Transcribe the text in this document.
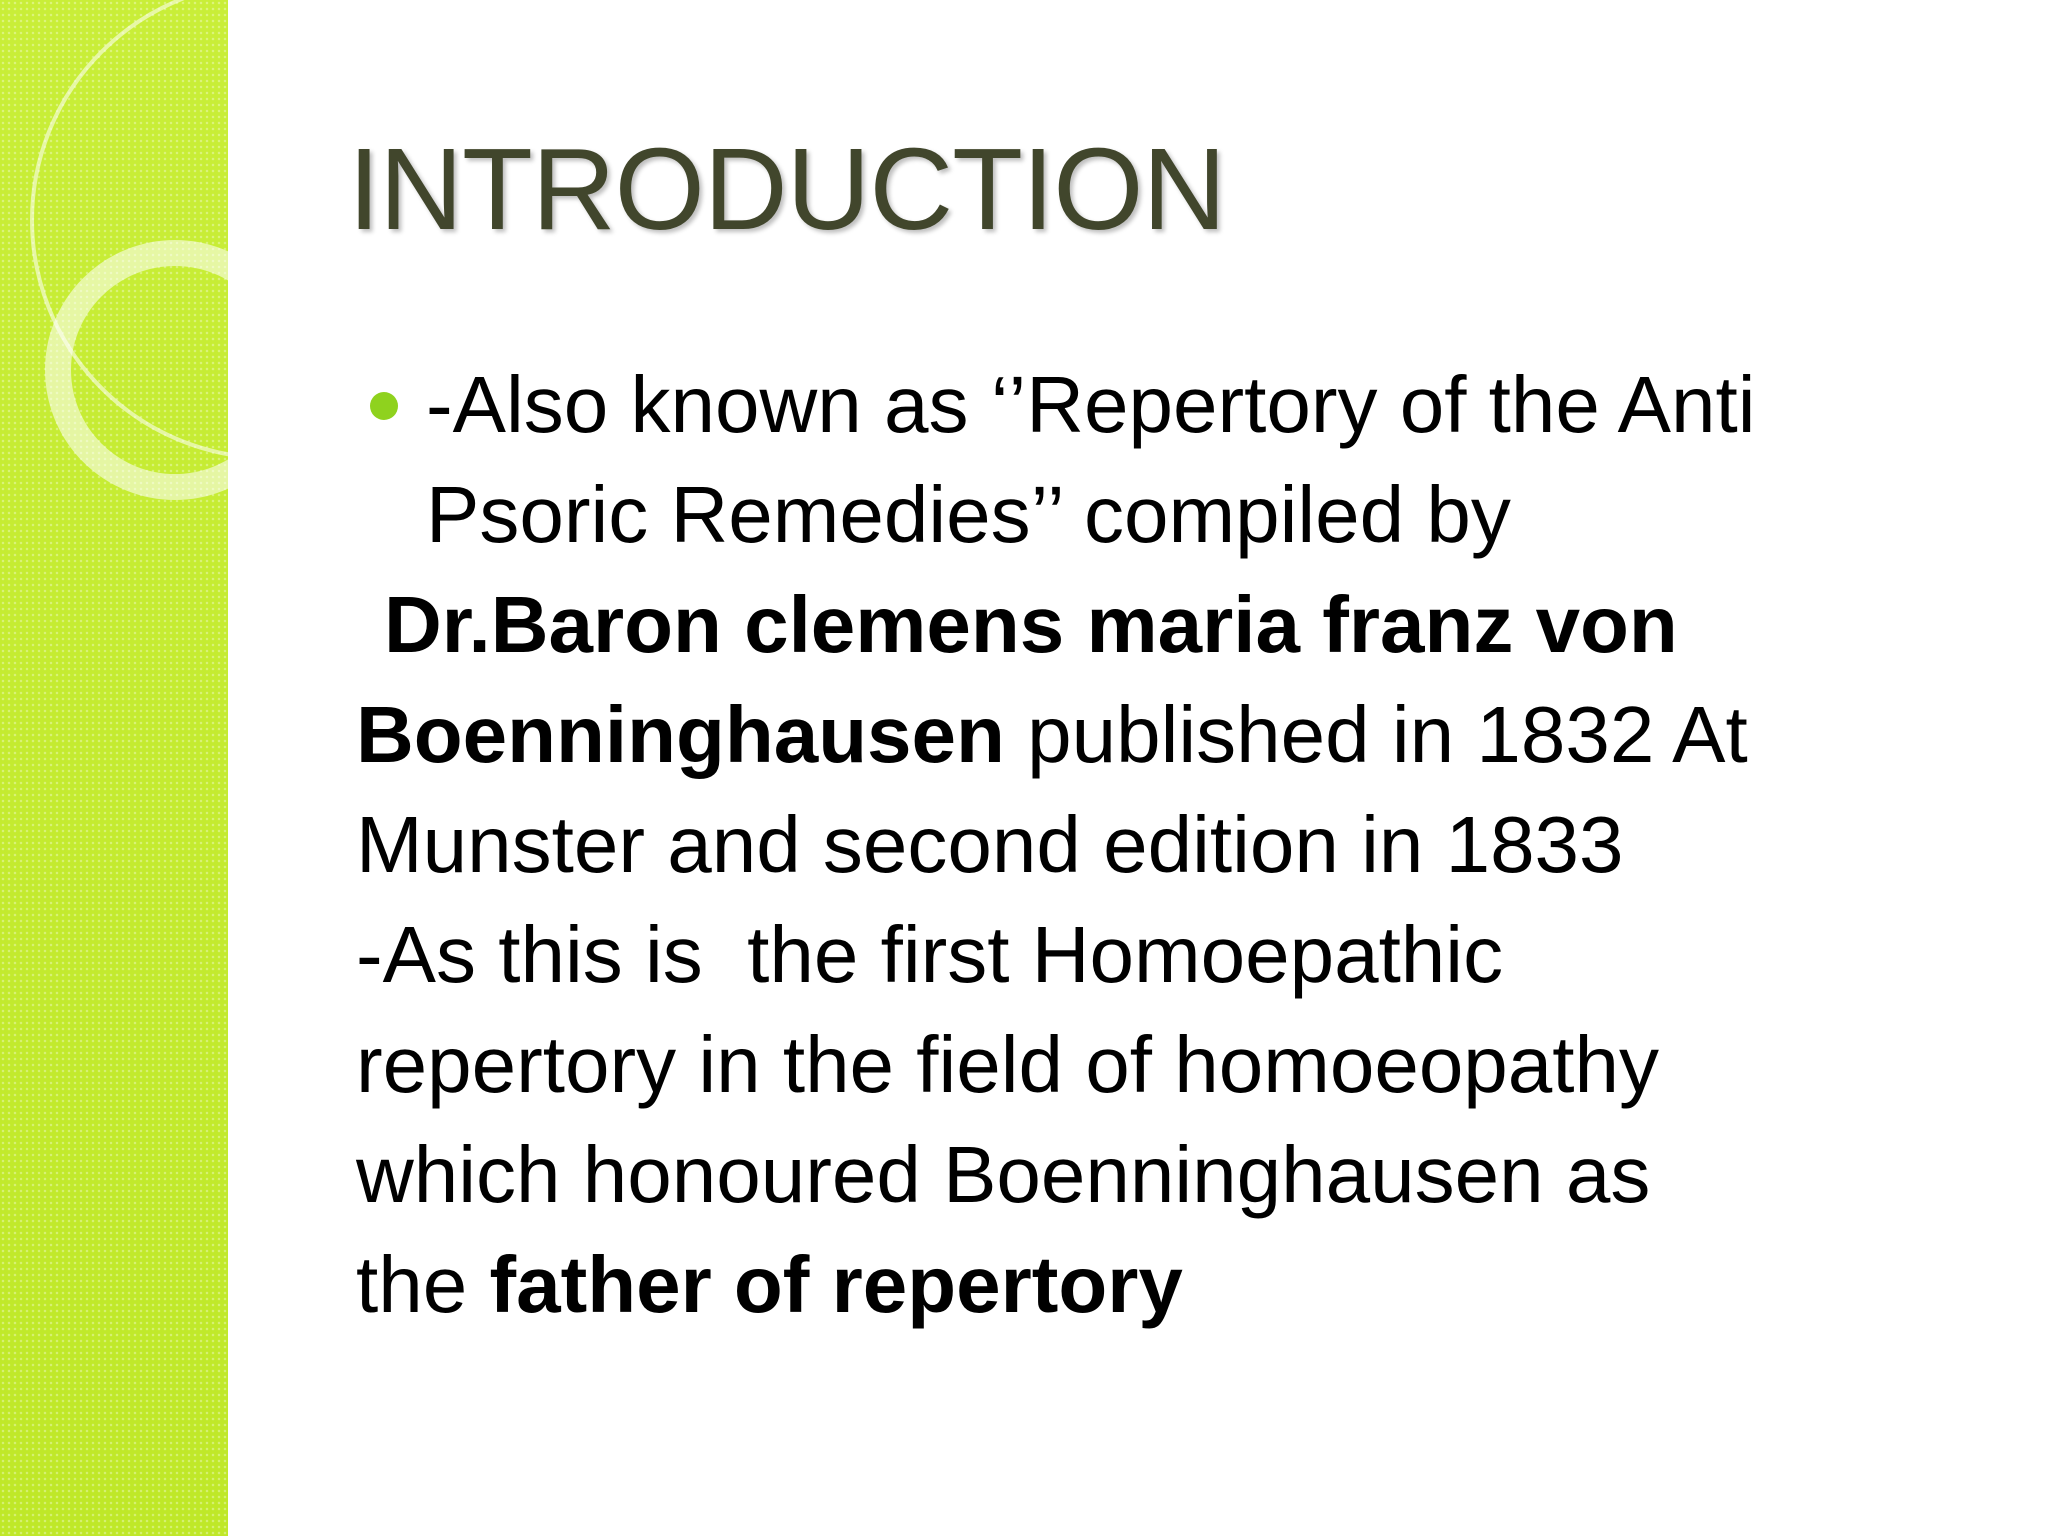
INTRODUCTION
-Also known as ‘’Repertory of the Anti
Psoric Remedies’’ compiled by
Dr.Baron clemens maria franz von
Boenninghausen published in 1832 At
Munster and second edition in 1833
-As this is  the first Homoepathic
repertory in the field of homoeopathy
which honoured Boenninghausen as
the father of repertory
